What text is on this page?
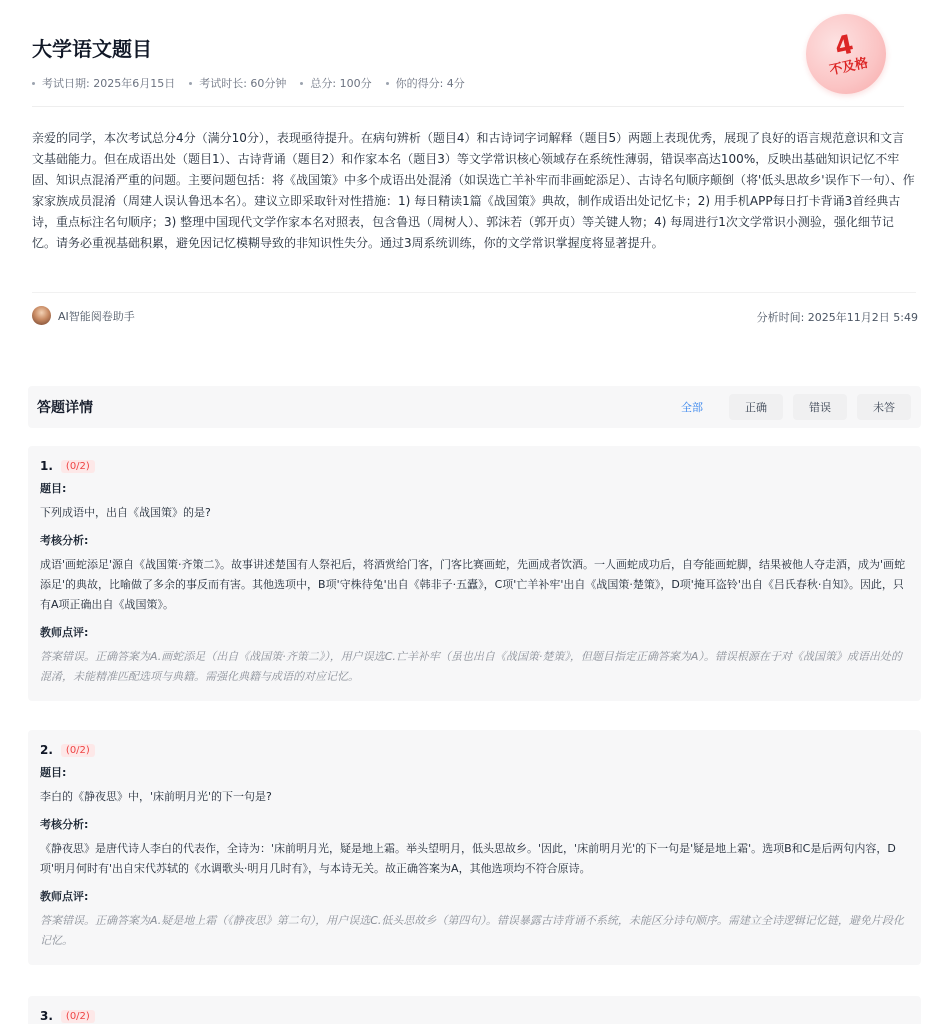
大学语文题目
考试日期: 2025年6月15日 考试时长: 60分钟 总分: 100分 你的得分: 4分
4
不及格
亲爱的同学，本次考试总分4分（满分10分），表现亟待提升。在病句辨析（题目4）和古诗词字词解释（题目5）两题上表现优秀，展现了良好的语言规范意识和文言文基础能力。但在成语出处（题目1）、古诗背诵（题目2）和作家本名（题目3）等文学常识核心领域存在系统性薄弱，错误率高达100%，反映出基础知识记忆不牢固、知识点混淆严重的问题。主要问题包括：将《战国策》中多个成语出处混淆（如误选亡羊补牢而非画蛇添足）、古诗名句顺序颠倒（将'低头思故乡'误作下一句）、作家家族成员混淆（周建人误认鲁迅本名）。建议立即采取针对性措施：1) 每日精读1篇《战国策》典故，制作成语出处记忆卡；2) 用手机APP每日打卡背诵3首经典古诗，重点标注名句顺序；3) 整理中国现代文学作家本名对照表，包含鲁迅（周树人）、郭沫若（郭开贞）等关键人物；4) 每周进行1次文学常识小测验，强化细节记忆。请务必重视基础积累，避免因记忆模糊导致的非知识性失分。通过3周系统训练，你的文学常识掌握度将显著提升。
AI智能阅卷助手	分析时间: 2025年11月2日 5:49
答题详情	全部	正确	错误	未答
1.	(0/2)
题目:
下列成语中，出自《战国策》的是?
考核分析:
成语'画蛇添足'源自《战国策·齐策二》。故事讲述楚国有人祭祀后，将酒赏给门客，门客比赛画蛇，先画成者饮酒。一人画蛇成功后，自夸能画蛇脚，结果被他人夺走酒，成为'画蛇添足'的典故，比喻做了多余的事反而有害。其他选项中，B项'守株待兔'出自《韩非子·五蠹》，C项'亡羊补牢'出自《战国策·楚策》，D项'掩耳盗铃'出自《吕氏春秋·自知》。因此，只有A项正确出自《战国策》。
教师点评:
答案错误。正确答案为A.画蛇添足（出自《战国策·齐策二》），用户误选C.亡羊补牢（虽也出自《战国策·楚策》，但题目指定正确答案为A）。错误根源在于对《战国策》成语出处的混淆，未能精准匹配选项与典籍。需强化典籍与成语的对应记忆。
2.	(0/2)
题目:
李白的《静夜思》中，'床前明月光'的下一句是?
考核分析:
《静夜思》是唐代诗人李白的代表作，全诗为：'床前明月光，疑是地上霜。举头望明月，低头思故乡。'因此，'床前明月光'的下一句是'疑是地上霜'。选项B和C是后两句内容，D项'明月何时有'出自宋代苏轼的《水调歌头·明月几时有》，与本诗无关。故正确答案为A，其他选项均不符合原诗。
教师点评:
答案错误。正确答案为A.疑是地上霜（《静夜思》第二句），用户误选C.低头思故乡（第四句）。错误暴露古诗背诵不系统，未能区分诗句顺序。需建立全诗逻辑记忆链，避免片段化记忆。
3.	(0/2)
